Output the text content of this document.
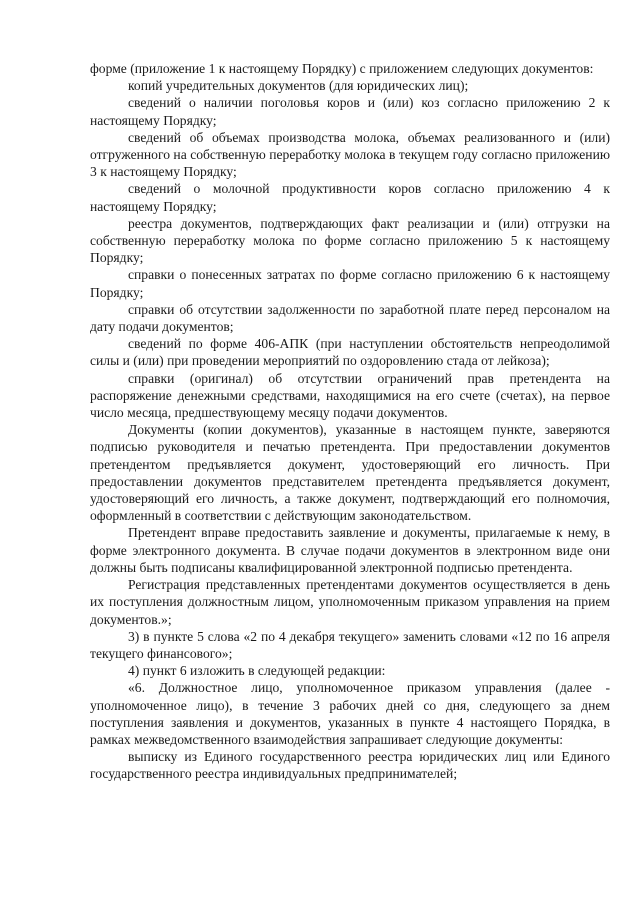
форме (приложение 1 к настоящему Порядку) с приложением следующих документов:

копий учредительных документов (для юридических лиц);

сведений о наличии поголовья коров и (или) коз согласно приложению 2 к настоящему Порядку;

сведений об объемах производства молока, объемах реализованного и (или) отгруженного на собственную переработку молока в текущем году согласно приложению 3 к настоящему Порядку;

сведений о молочной продуктивности коров согласно приложению 4 к настоящему Порядку;

реестра документов, подтверждающих факт реализации и (или) отгрузки на собственную переработку молока по форме согласно приложению 5 к настоящему Порядку;

справки о понесенных затратах по форме согласно приложению 6 к настоящему Порядку;

справки об отсутствии задолженности по заработной плате перед персоналом на дату подачи документов;

сведений по форме 406-АПК (при наступлении обстоятельств непреодолимой силы и (или) при проведении мероприятий по оздоровлению стада от лейкоза);

справки (оригинал) об отсутствии ограничений прав претендента на распоряжение денежными средствами, находящимися на его счете (счетах), на первое число месяца, предшествующему месяцу подачи документов.

Документы (копии документов), указанные в настоящем пункте, заверяются подписью руководителя и печатью претендента. При предоставлении документов претендентом предъявляется документ, удостоверяющий его личность. При предоставлении документов представителем претендента предъявляется документ, удостоверяющий его личность, а также документ, подтверждающий его полномочия, оформленный в соответствии с действующим законодательством.

Претендент вправе предоставить заявление и документы, прилагаемые к нему, в форме электронного документа. В случае подачи документов в электронном виде они должны быть подписаны квалифицированной электронной подписью претендента.

Регистрация представленных претендентами документов осуществляется в день их поступления должностным лицом, уполномоченным приказом управления на прием документов.»;

3) в пункте 5 слова «2 по 4 декабря текущего» заменить словами «12 по 16 апреля текущего финансового»;

4) пункт 6 изложить в следующей редакции:

«6. Должностное лицо, уполномоченное приказом управления (далее - уполномоченное лицо), в течение 3 рабочих дней со дня, следующего за днем поступления заявления и документов, указанных в пункте 4 настоящего Порядка, в рамках межведомственного взаимодействия запрашивает следующие документы:

выписку из Единого государственного реестра юридических лиц или Единого государственного реестра индивидуальных предпринимателей;
